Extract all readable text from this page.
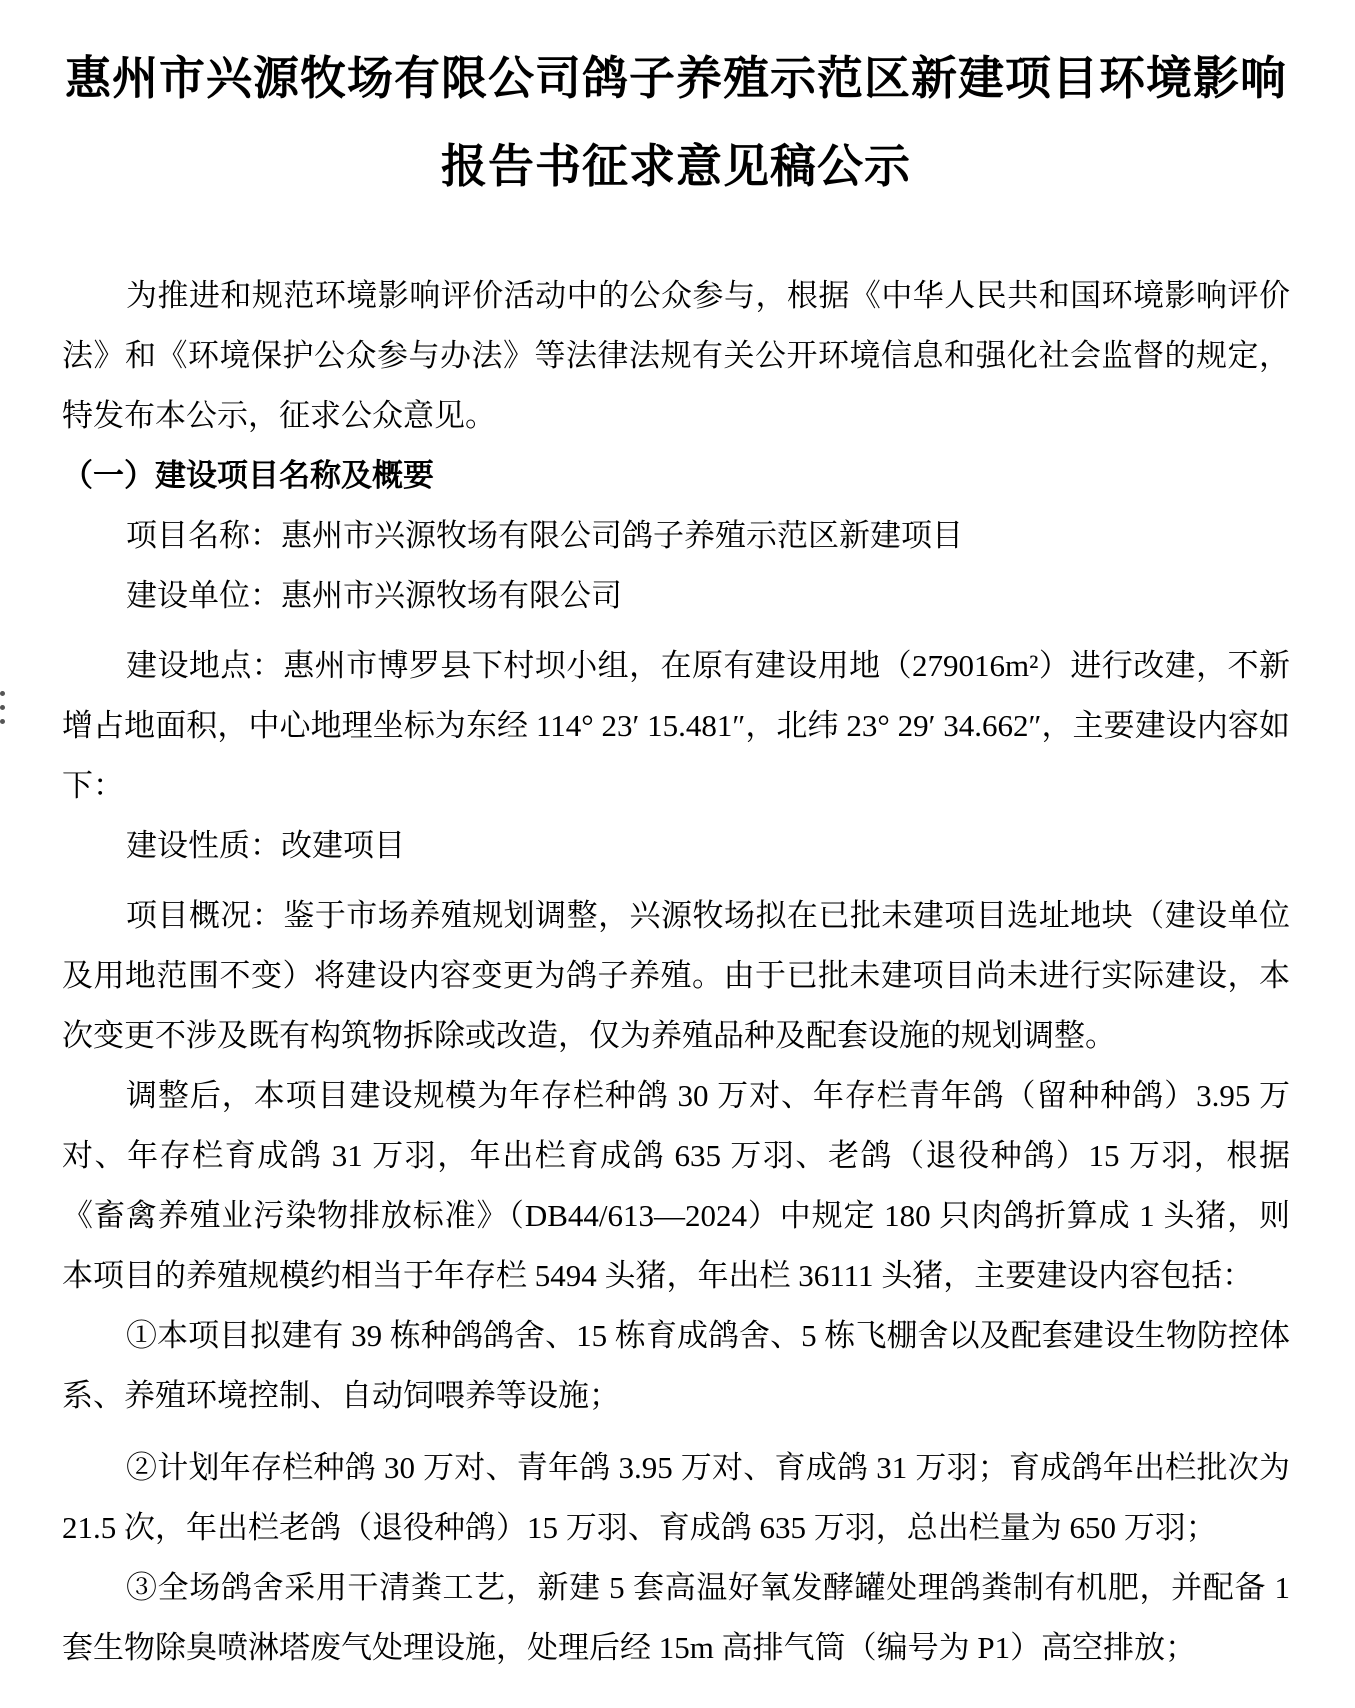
惠州市兴源牧场有限公司鸽子养殖示范区新建项目环境影响报告书征求意见稿公示

为推进和规范环境影响评价活动中的公众参与，根据《中华人民共和国环境影响评价法》和《环境保护公众参与办法》等法律法规有关公开环境信息和强化社会监督的规定，特发布本公示，征求公众意见。

（一）建设项目名称及概要

项目名称：惠州市兴源牧场有限公司鸽子养殖示范区新建项目

建设单位：惠州市兴源牧场有限公司

建设地点：惠州市博罗县下村坝小组，在原有建设用地（279016m²）进行改建，不新增占地面积，中心地理坐标为东经 114° 23′ 15.481″，北纬 23° 29′ 34.662″，主要建设内容如下：

建设性质：改建项目

项目概况：鉴于市场养殖规划调整，兴源牧场拟在已批未建项目选址地块（建设单位及用地范围不变）将建设内容变更为鸽子养殖。由于已批未建项目尚未进行实际建设，本次变更不涉及既有构筑物拆除或改造，仅为养殖品种及配套设施的规划调整。

调整后，本项目建设规模为年存栏种鸽 30 万对、年存栏青年鸽（留种种鸽）3.95 万对、年存栏育成鸽 31 万羽，年出栏育成鸽 635 万羽、老鸽（退役种鸽）15 万羽，根据《畜禽养殖业污染物排放标准》（DB44/613—2024）中规定 180 只肉鸽折算成 1 头猪，则本项目的养殖规模约相当于年存栏 5494 头猪，年出栏 36111 头猪，主要建设内容包括：

①本项目拟建有 39 栋种鸽鸽舍、15 栋育成鸽舍、5 栋飞棚舍以及配套建设生物防控体系、养殖环境控制、自动饲喂养等设施；

②计划年存栏种鸽 30 万对、青年鸽 3.95 万对、育成鸽 31 万羽；育成鸽年出栏批次为 21.5 次，年出栏老鸽（退役种鸽）15 万羽、育成鸽 635 万羽，总出栏量为 650 万羽；

③全场鸽舍采用干清粪工艺，新建 5 套高温好氧发酵罐处理鸽粪制有机肥，并配备 1 套生物除臭喷淋塔废气处理设施，处理后经 15m 高排气筒（编号为 P1）高空排放；
